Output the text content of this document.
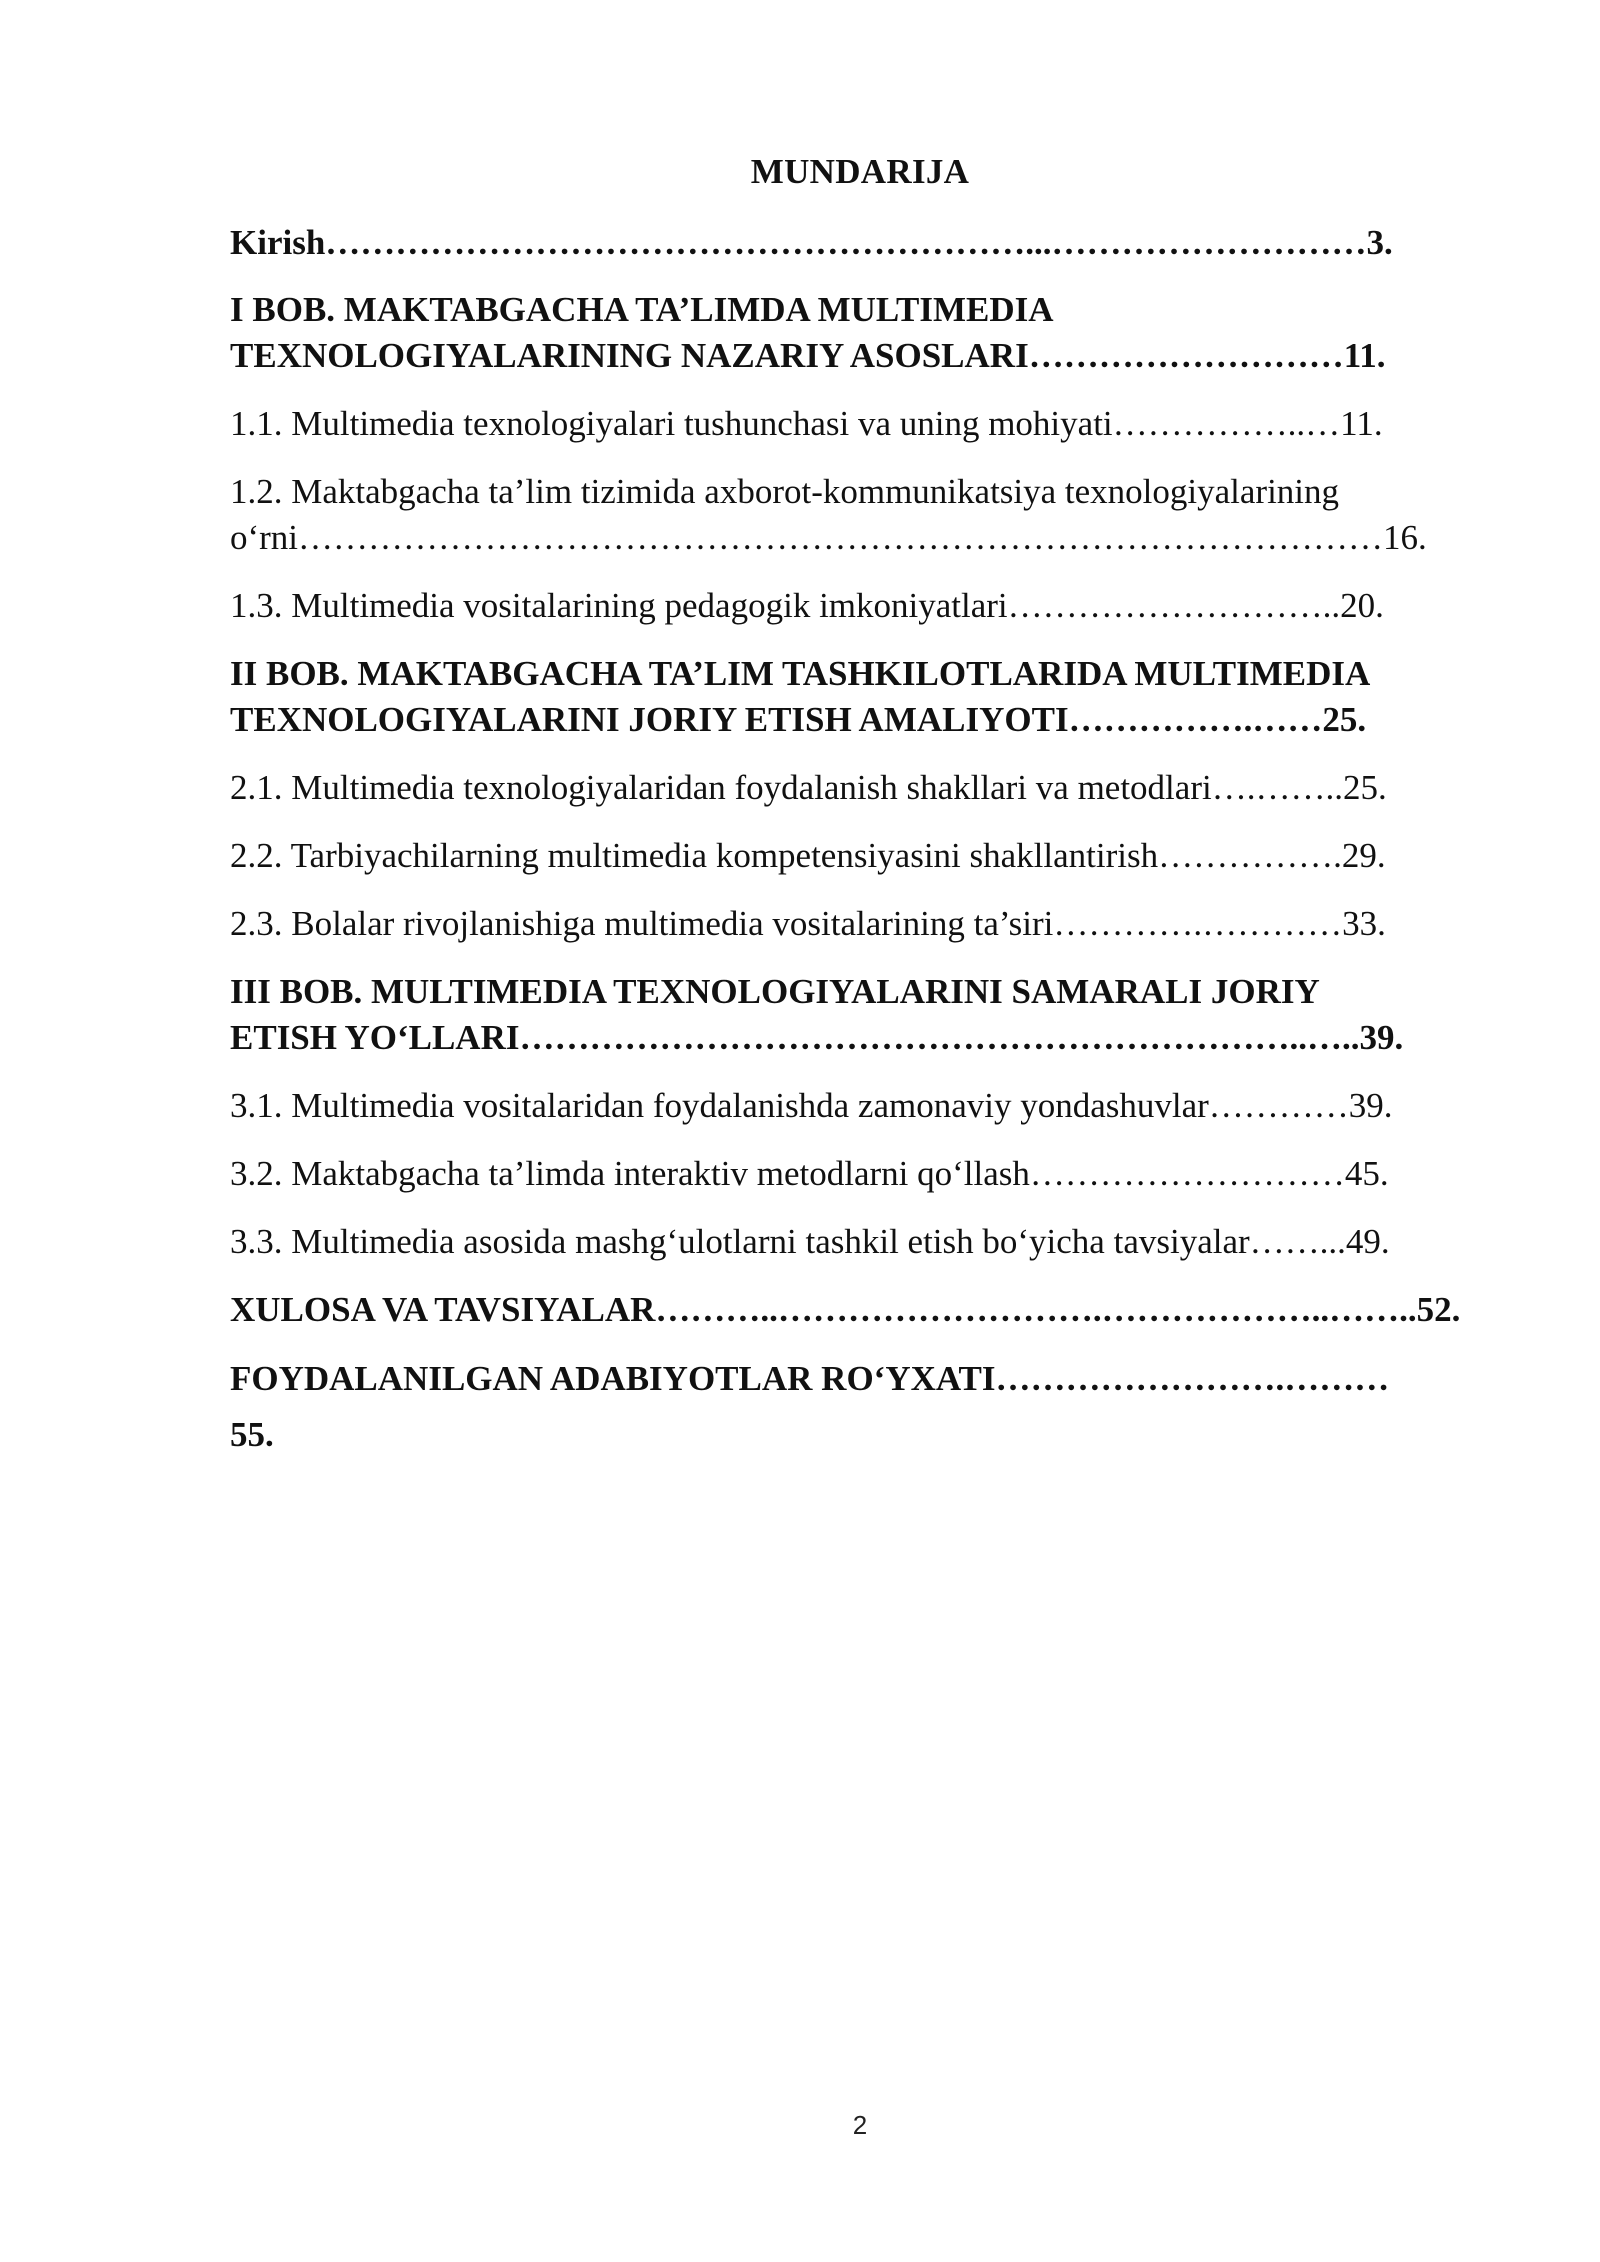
MUNDARIJA
Kirish……………………………………………………...………………………3.
I BOB. MAKTABGACHA TA’LIMDA MULTIMEDIA
TEXNOLOGIYALARINING NAZARIY ASOSLARI………………………11.
1.1. Multimedia texnologiyalari tushunchasi va uning mohiyati……………..…11.
1.2. Maktabgacha ta’lim tizimida axborot-kommunikatsiya texnologiyalarining
o‘rni…………………………………………………………………………………16.
1.3. Multimedia vositalarining pedagogik imkoniyatlari………………………..20.
II BOB. MAKTABGACHA TA’LIM TASHKILOTLARIDA MULTIMEDIA
TEXNOLOGIYALARINI JORIY ETISH AMALIYOTI…………….……25.
2.1. Multimedia texnologiyalaridan foydalanish shakllari va metodlari….……..25.
2.2. Tarbiyachilarning multimedia kompetensiyasini shakllantirish…………….29.
2.3. Bolalar rivojlanishiga multimedia vositalarining ta’siri………….…………33.
III BOB. MULTIMEDIA TEXNOLOGIYALARINI SAMARALI JORIY
ETISH YO‘LLARI…………………………………………………………..…..39.
3.1. Multimedia vositalaridan foydalanishda zamonaviy yondashuvlar…………39.
3.2. Maktabgacha ta’limda interaktiv metodlarni qo‘llash………………………45.
3.3. Multimedia asosida mashg‘ulotlarni tashkil etish bo‘yicha tavsiyalar……...49.
XULOSA VA TAVSIYALAR………..……………………….………………..……..52.
FOYDALANILGAN ADABIYOTLAR RO‘YXATI…………………….………
55.
2
